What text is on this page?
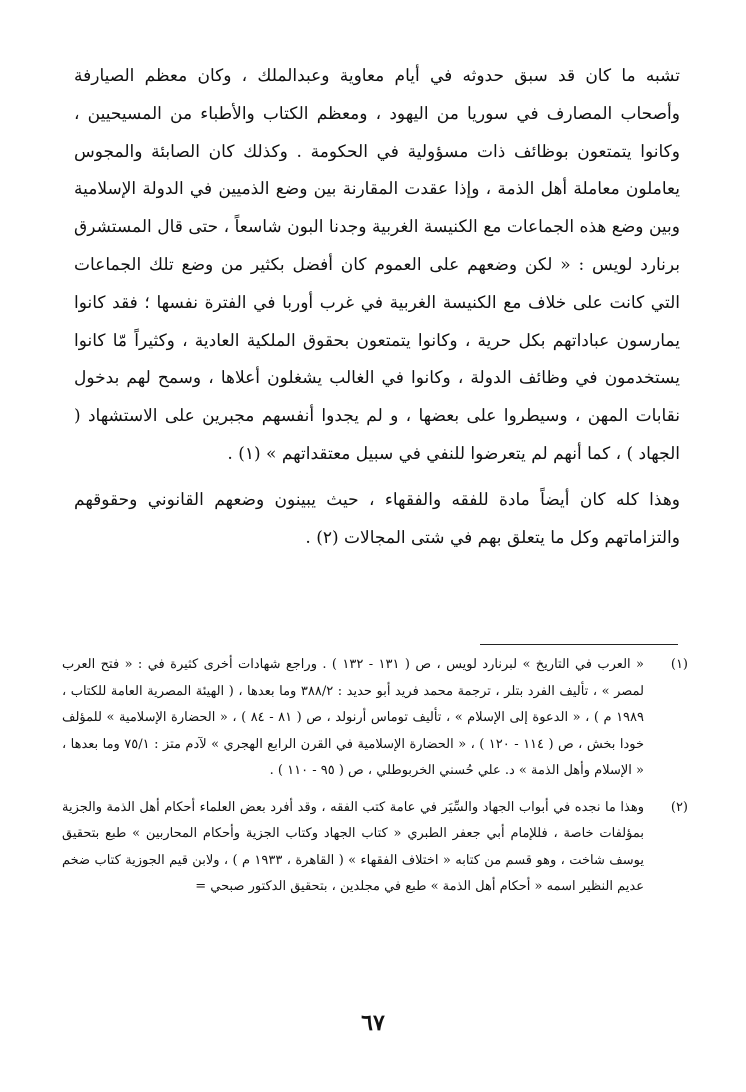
تشبه ما كان قد سبق حدوثه في أيام معاوية وعبدالملك ، وكان معظم الصيارفة وأصحاب المصارف في سوريا من اليهود ، ومعظم الكتاب والأطباء من المسيحيين ، وكانوا يتمتعون بوظائف ذات مسؤولية في الحكومة . وكذلك كان الصابئة والمجوس يعاملون معاملة أهل الذمة ، وإذا عقدت المقارنة بين وضع الذميين في الدولة الإسلامية وبين وضع هذه الجماعات مع الكنيسة الغربية وجدنا البون شاسعاً ، حتى قال المستشرق برنارد لويس : « لكن وضعهم على العموم كان أفضل بكثير من وضع تلك الجماعات التي كانت على خلاف مع الكنيسة الغربية في غرب أوربا في الفترة نفسها ؛ فقد كانوا يمارسون عباداتهم بكل حرية ، وكانوا يتمتعون بحقوق الملكية العادية ، وكثيراً مّا كانوا يستخدمون في وظائف الدولة ، وكانوا في الغالب يشغلون أعلاها ، وسمح لهم بدخول نقابات المهن ، وسيطروا على بعضها ، و لم يجدوا أنفسهم مجبرين على الاستشهاد ( الجهاد ) ، كما أنهم لم يتعرضوا للنفي في سبيل معتقداتهم » (١) .

وهذا كله كان أيضاً مادة للفقه والفقهاء ، حيث يبينون وضعهم القانوني وحقوقهم والتزاماتهم وكل ما يتعلق بهم في شتى المجالات (٢) .

(١)
« العرب في التاريخ » لبرنارد لويس ، ص ( ١٣١ - ١٣٢ ) . وراجع شهادات أخرى كثيرة في : « فتح العرب لمصر » ، تأليف الفرد بتلر ، ترجمة محمد فريد أبو حديد : ٣٨٨/٢ وما بعدها ، ( الهيئة المصرية العامة للكتاب ، ١٩٨٩ م ) ، « الدعوة إلى الإسلام » ، تأليف توماس أرنولد ، ص ( ٨١ - ٨٤ ) ، « الحضارة الإسلامية » للمؤلف خودا بخش ، ص ( ١١٤ - ١٢٠ ) ، « الحضارة الإسلامية في القرن الرابع الهجري » لآدم متز : ٧٥/١ وما بعدها ، « الإسلام وأهل الذمة » د. علي حُسني الخربوطلي ، ص ( ٩٥ - ١١٠ ) .
(٢)
وهذا ما نجده في أبواب الجهاد والسِّيَر في عامة كتب الفقه ، وقد أفرد بعض العلماء أحكام أهل الذمة والجزية بمؤلفات خاصة ، فللإمام أبي جعفر الطبري « كتاب الجهاد وكتاب الجزية وأحكام المحاربين » طبع بتحقيق يوسف شاخت ، وهو قسم من كتابه « اختلاف الفقهاء » ( القاهرة ، ١٩٣٣ م ) ، ولابن قيم الجوزية كتاب ضخم عديم النظير اسمه « أحكام أهل الذمة » طبع في مجلدين ، بتحقيق الدكتور صبحي =
٦٧
